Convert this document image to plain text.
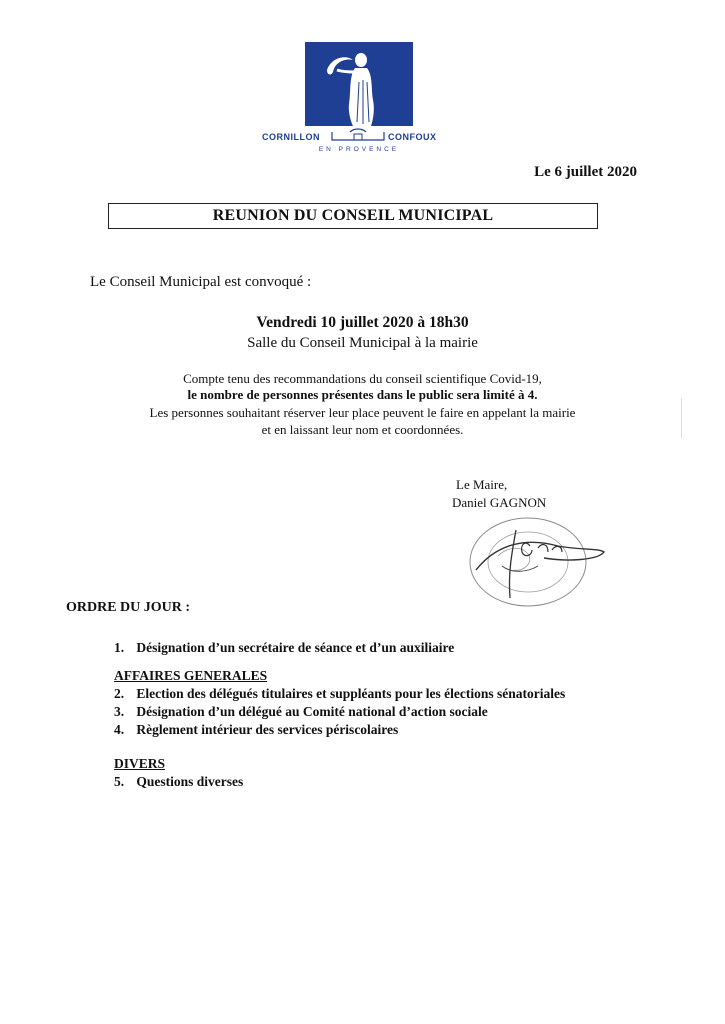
CORNILLON	CONFOUX
EN PROVENCE
Le 6 juillet 2020
REUNION DU CONSEIL MUNICIPAL
Le Conseil Municipal est convoqué :
Vendredi 10 juillet 2020 à 18h30
Salle du Conseil Municipal à la mairie
Compte tenu des recommandations du conseil scientifique Covid-19,
le nombre de personnes présentes dans le public sera limité à 4.
Les personnes souhaitant réserver leur place peuvent le faire en appelant la mairie
et en laissant leur nom et coordonnées.
Le Maire,
Daniel GAGNON
ORDRE DU JOUR :
1. Désignation d’un secrétaire de séance et d’un auxiliaire
AFFAIRES GENERALES
2. Election des délégués titulaires et suppléants pour les élections sénatoriales
3. Désignation d’un délégué au Comité national d’action sociale
4. Règlement intérieur des services périscolaires
DIVERS
5. Questions diverses
